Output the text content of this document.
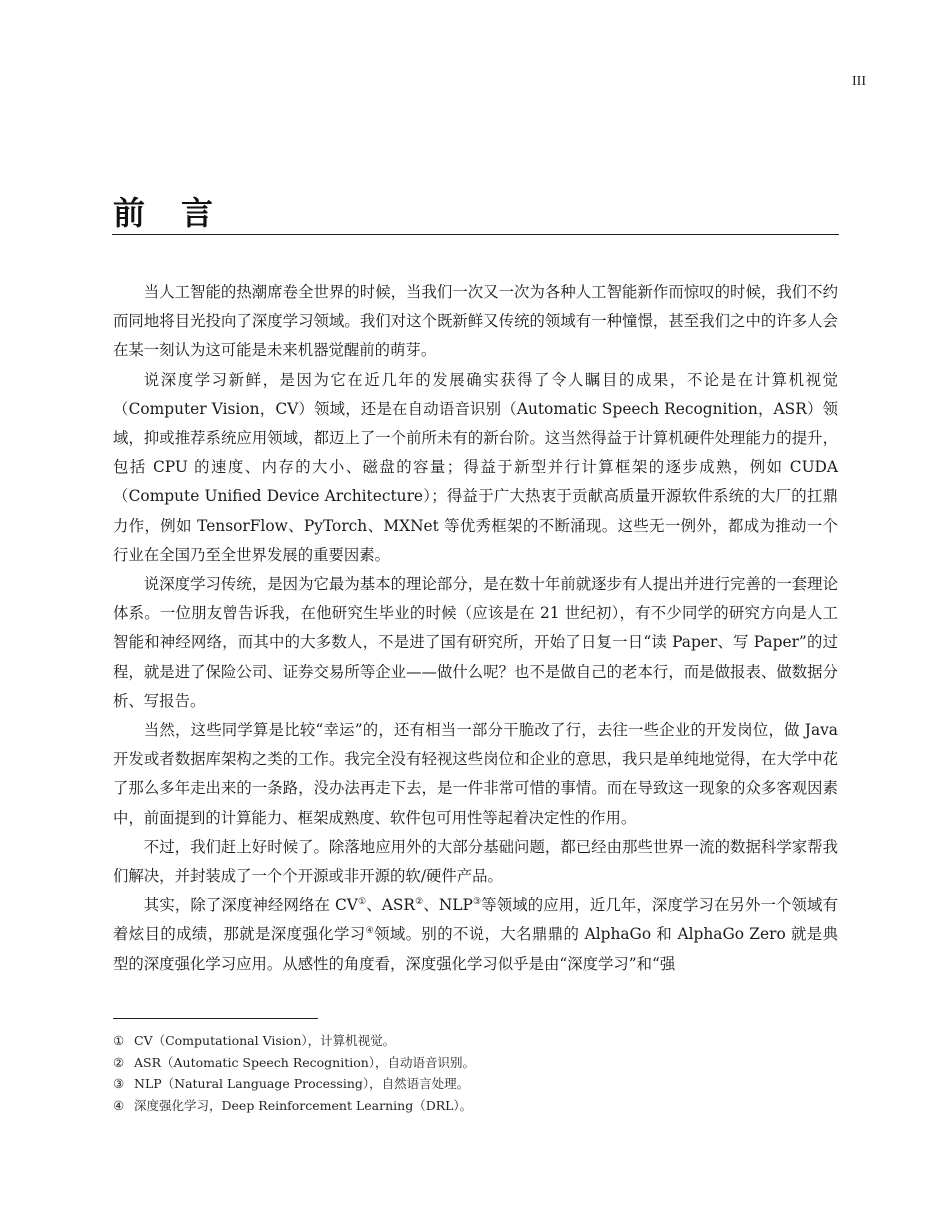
III
前言

当人工智能的热潮席卷全世界的时候，当我们一次又一次为各种人工智能新作而惊叹的时候，我们不约而同地将目光投向了深度学习领域。我们对这个既新鲜又传统的领域有一种憧憬，甚至我们之中的许多人会在某一刻认为这可能是未来机器觉醒前的萌芽。

说深度学习新鲜，是因为它在近几年的发展确实获得了令人瞩目的成果，不论是在计算机视觉（Computer Vision，CV）领域，还是在自动语音识别（Automatic Speech Recognition，ASR）领域，抑或推荐系统应用领域，都迈上了一个前所未有的新台阶。这当然得益于计算机硬件处理能力的提升，包括 CPU 的速度、内存的大小、磁盘的容量；得益于新型并行计算框架的逐步成熟，例如 CUDA（Compute Unified Device Architecture）；得益于广大热衷于贡献高质量开源软件系统的大厂的扛鼎力作，例如 TensorFlow、PyTorch、MXNet 等优秀框架的不断涌现。这些无一例外，都成为推动一个行业在全国乃至全世界发展的重要因素。

说深度学习传统，是因为它最为基本的理论部分，是在数十年前就逐步有人提出并进行完善的一套理论体系。一位朋友曾告诉我，在他研究生毕业的时候（应该是在 21 世纪初），有不少同学的研究方向是人工智能和神经网络，而其中的大多数人，不是进了国有研究所，开始了日复一日“读 Paper、写 Paper”的过程，就是进了保险公司、证券交易所等企业——做什么呢？也不是做自己的老本行，而是做报表、做数据分析、写报告。

当然，这些同学算是比较“幸运”的，还有相当一部分干脆改了行，去往一些企业的开发岗位，做 Java 开发或者数据库架构之类的工作。我完全没有轻视这些岗位和企业的意思，我只是单纯地觉得，在大学中花了那么多年走出来的一条路，没办法再走下去，是一件非常可惜的事情。而在导致这一现象的众多客观因素中，前面提到的计算能力、框架成熟度、软件包可用性等起着决定性的作用。

不过，我们赶上好时候了。除落地应用外的大部分基础问题，都已经由那些世界一流的数据科学家帮我们解决，并封装成了一个个开源或非开源的软/硬件产品。

其实，除了深度神经网络在 CV①、ASR②、NLP③等领域的应用，近几年，深度学习在另外一个领域有着炫目的成绩，那就是深度强化学习④领域。别的不说，大名鼎鼎的 AlphaGo 和 AlphaGo Zero 就是典型的深度强化学习应用。从感性的角度看，深度强化学习似乎是由“深度学习”和“强

① CV（Computational Vision），计算机视觉。
② ASR（Automatic Speech Recognition），自动语音识别。
③ NLP（Natural Language Processing），自然语言处理。
④ 深度强化学习，Deep Reinforcement Learning（DRL）。
